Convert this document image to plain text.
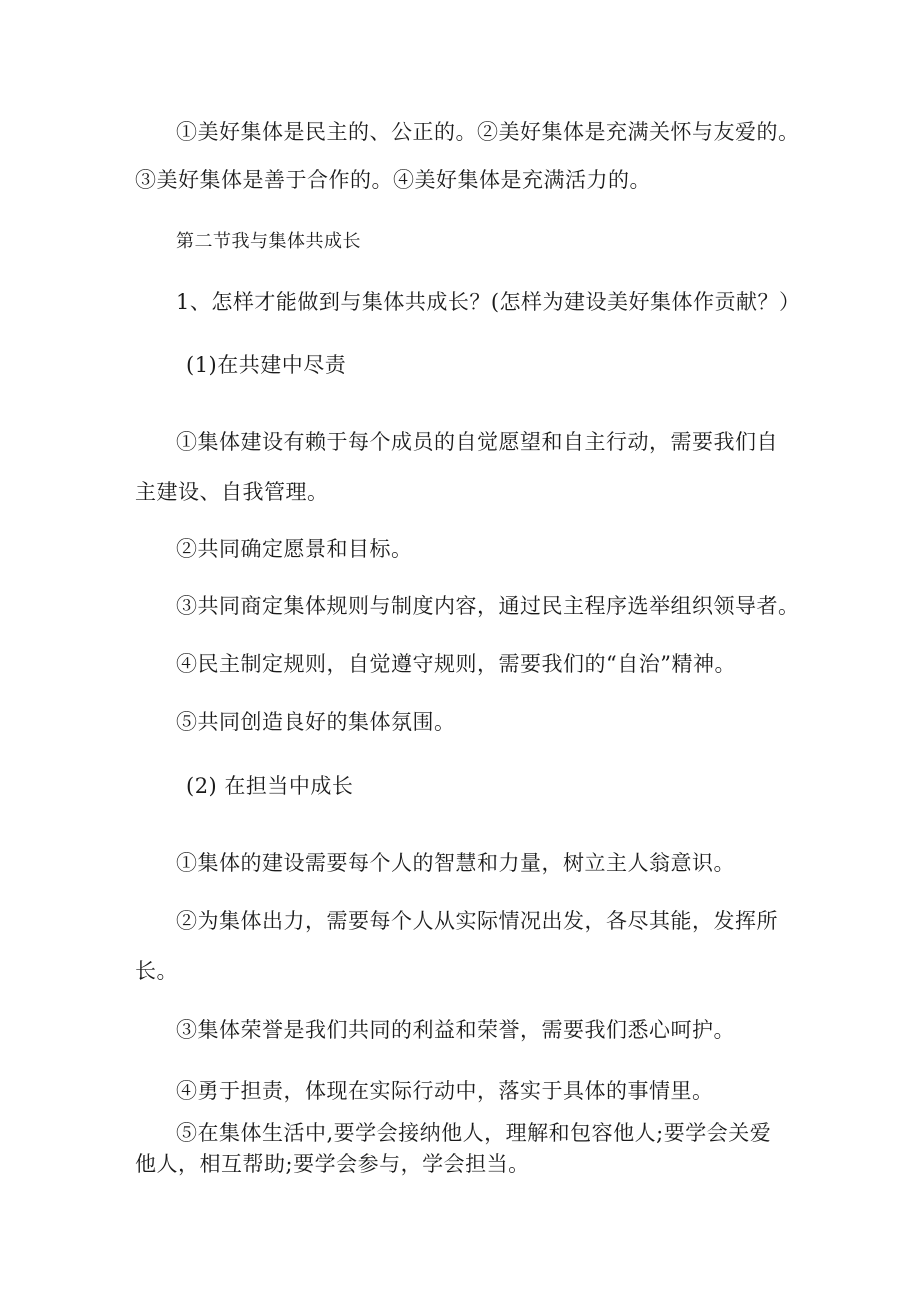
①美好集体是民主的、公正的。②美好集体是充满关怀与友爱的。
③美好集体是善于合作的。④美好集体是充满活力的。
第二节我与集体共成长
1、怎样才能做到与集体共成长？(怎样为建设美好集体作贡献？）
(1)在共建中尽责
①集体建设有赖于每个成员的自觉愿望和自主行动，需要我们自
主建设、自我管理。
②共同确定愿景和目标。
③共同商定集体规则与制度内容，通过民主程序选举组织领导者。
④民主制定规则，自觉遵守规则，需要我们的“自治”精神。
⑤共同创造良好的集体氛围。
(2) 在担当中成长
①集体的建设需要每个人的智慧和力量，树立主人翁意识。
②为集体出力，需要每个人从实际情况出发，各尽其能，发挥所
长。
③集体荣誉是我们共同的利益和荣誉，需要我们悉心呵护。
④勇于担责，体现在实际行动中，落实于具体的事情里。
⑤在集体生活中,要学会接纳他人，理解和包容他人;要学会关爱
他人，相互帮助;要学会参与，学会担当。
